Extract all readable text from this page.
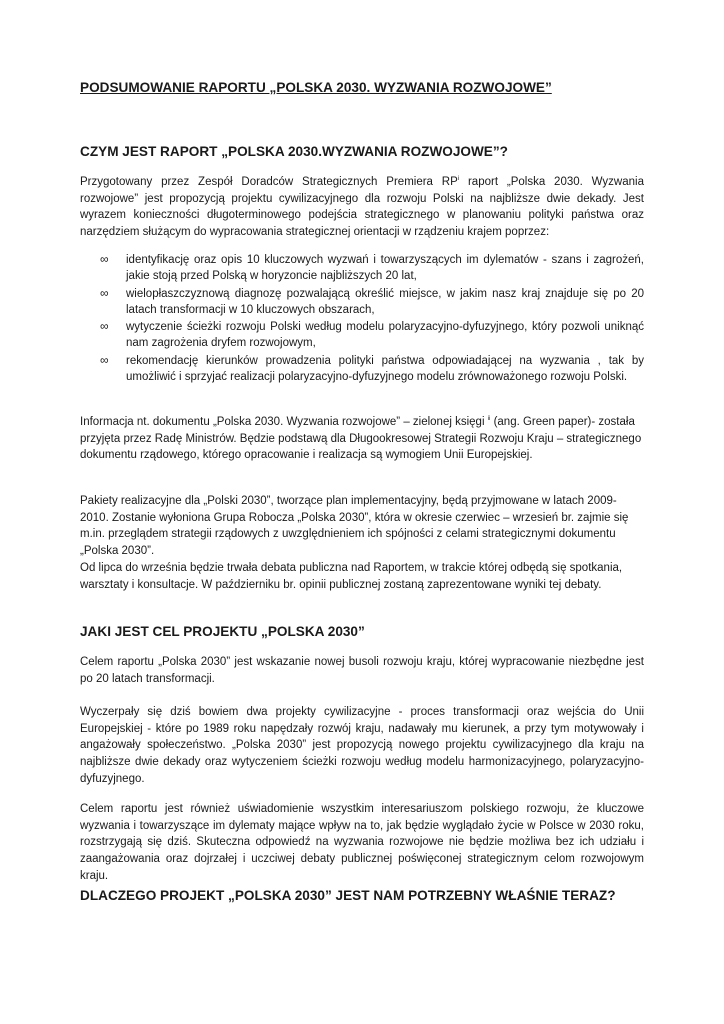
PODSUMOWANIE RAPORTU „POLSKA 2030. WYZWANIA ROZWOJOWE”
CZYM JEST RAPORT „POLSKA 2030.WYZWANIA ROZWOJOWE”?

Przygotowany przez Zespół Doradców Strategicznych Premiera $RP^i$ raport „Polska 2030. Wyzwania rozwojowe” jest propozycją projektu cywilizacyjnego dla rozwoju Polski na najbliższe dwie dekady. Jest wyrazem konieczności długoterminowego podejścia strategicznego w planowaniu polityki państwa oraz narzędziem służącym do wypracowania strategicznej orientacji w rządzeniu krajem poprzez:

∞ identyfikację oraz opis 10 kluczowych wyzwań i towarzyszących im dylematów - szans i zagrożeń, jakie stoją przed Polską w horyzoncie najbliższych 20 lat,
∞ wielopłaszczyznową diagnozę pozwalającą określić miejsce, w jakim nasz kraj znajduje się po 20 latach transformacji w 10 kluczowych obszarach,
∞ wytyczenie ścieżki rozwoju Polski według modelu polaryzacyjno-dyfuzyjnego, który pozwoli uniknąć nam zagrożenia dryfem rozwojowym,
∞ rekomendację kierunków prowadzenia polityki państwa odpowiadającej na wyzwania , tak by umożliwić i sprzyjać realizacji polaryzacyjno-dyfuzyjnego modelu zrównoważonego rozwoju Polski.

Informacja nt. dokumentu „Polska 2030. Wyzwania rozwojowe” – zielonej księgi $^{ii}$ (ang. Green paper)- została przyjęta przez Radę Ministrów. Będzie podstawą dla Długookresowej Strategii Rozwoju Kraju – strategicznego dokumentu rządowego, którego opracowanie i realizacja są wymogiem Unii Europejskiej.

Pakiety realizacyjne dla „Polski 2030”, tworzące plan implementacyjny, będą przyjmowane w latach 2009-2010. Zostanie wyłoniona Grupa Robocza „Polska 2030”, która w okresie czerwiec – wrzesień br. zajmie się m.in. przeglądem strategii rządowych z uwzględnieniem ich spójności z celami strategicznymi dokumentu „Polska 2030”.

Od lipca do września będzie trwała debata publiczna nad Raportem, w trakcie której odbędą się spotkania, warsztaty i konsultacje. W październiku br. opinii publicznej zostaną zaprezentowane wyniki tej debaty.

JAKI JEST CEL PROJEKTU „POLSKA 2030”

Celem raportu „Polska 2030” jest wskazanie nowej busoli rozwoju kraju, której wypracowanie niezbędne jest po 20 latach transformacji.

Wyczerpały się dziś bowiem dwa projekty cywilizacyjne - proces transformacji oraz wejścia do Unii Europejskiej - które po 1989 roku napędzały rozwój kraju, nadawały mu kierunek, a przy tym motywowały i angażowały społeczeństwo. „Polska 2030” jest propozycją nowego projektu cywilizacyjnego dla kraju na najbliższe dwie dekady oraz wytyczeniem ścieżki rozwoju według modelu harmonizacyjnego, polaryzacyjno-dyfuzyjnego.

Celem raportu jest również uświadomienie wszystkim interesariuszom polskiego rozwoju, że kluczowe wyzwania i towarzyszące im dylematy mające wpływ na to, jak będzie wyglądało życie w Polsce w 2030 roku, rozstrzygają się dziś. Skuteczna odpowiedź na wyzwania rozwojowe nie będzie możliwa bez ich udziału i zaangażowania oraz dojrzałej i uczciwej debaty publicznej poświęconej strategicznym celom rozwojowym kraju.

DLACZEGO PROJEKT „POLSKA 2030” JEST NAM POTRZEBNY WŁAŚNIE TERAZ?
